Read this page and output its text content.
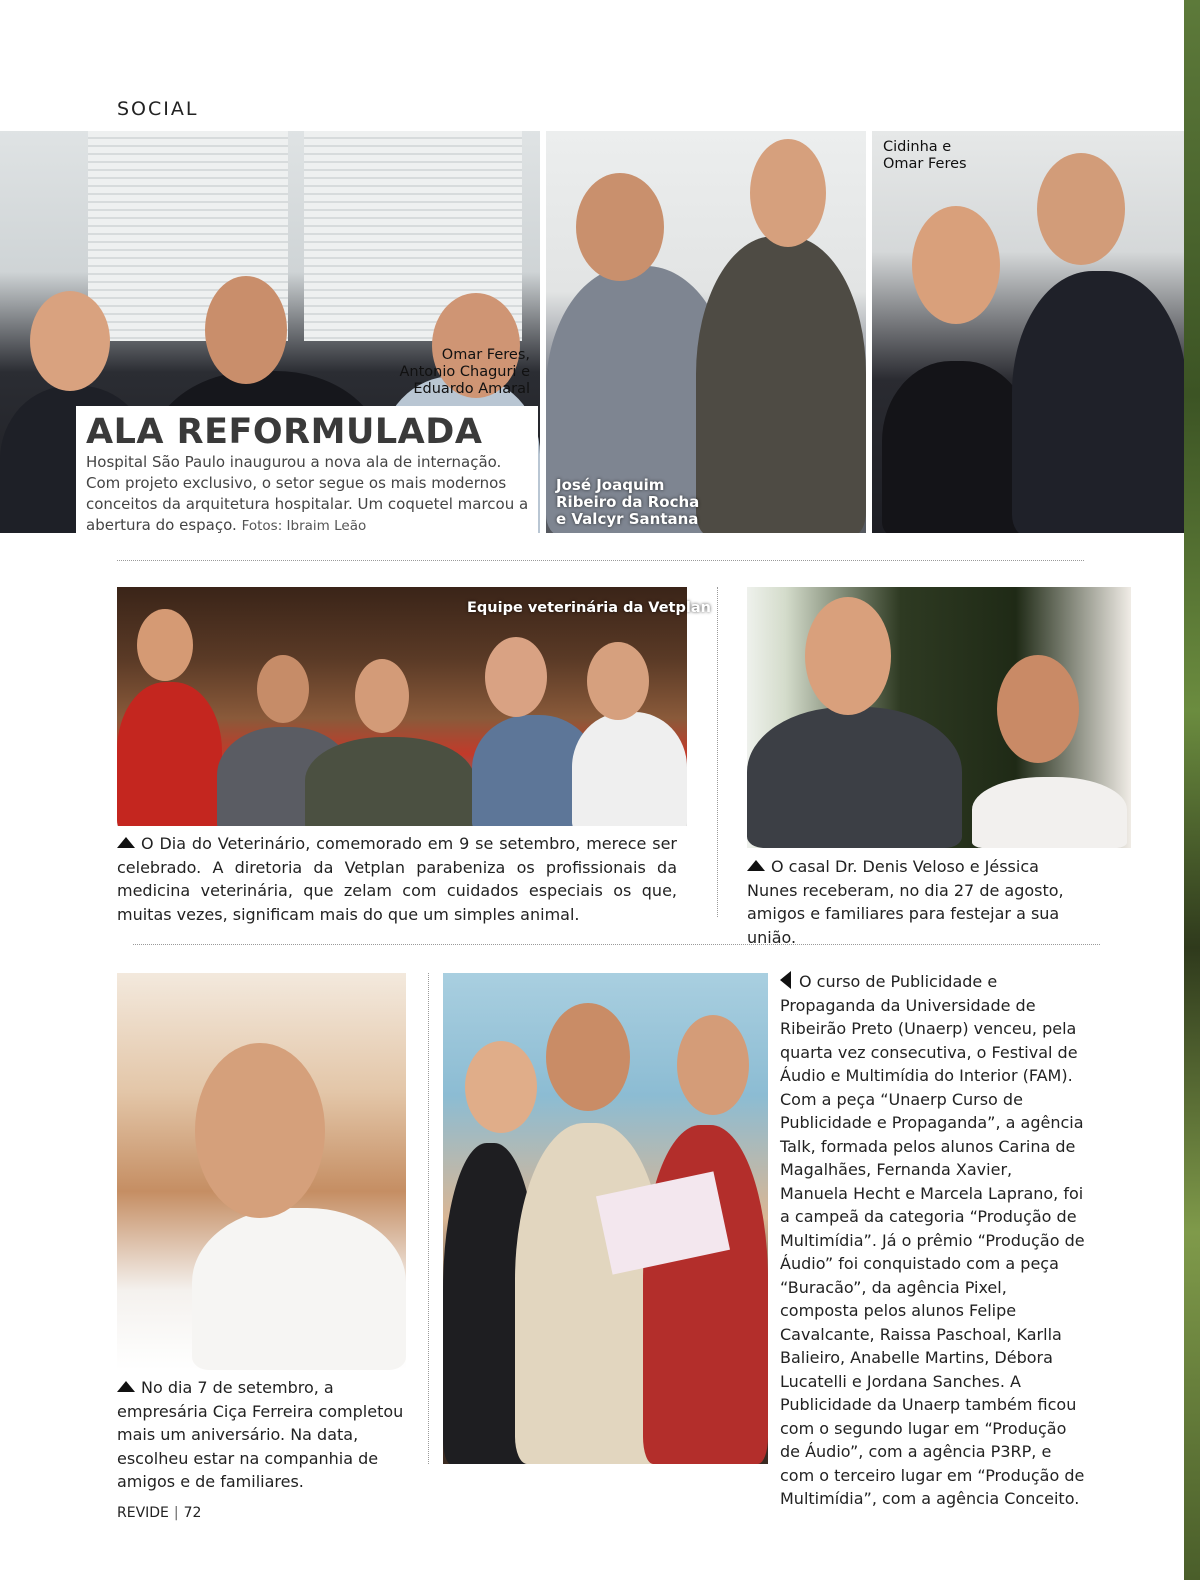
SOCIAL
Omar Feres,
Antonio Chaguri e
Eduardo Amaral
ALA REFORMULADA
Hospital São Paulo inaugurou a nova ala de internação. Com projeto exclusivo, o setor segue os mais modernos conceitos da arquitetura hospitalar. Um coquetel marcou a abertura do espaço. Fotos: Ibraim Leão
José Joaquim
Ribeiro da Rocha
e Valcyr Santana
Cidinha e
Omar Feres
Equipe veterinária da Vetplan
O Dia do Veterinário, comemorado em 9 se setembro, merece ser celebrado. A diretoria da Vetplan parabeniza os profissionais da medicina veterinária, que zelam com cuidados especiais os que, muitas vezes, significam mais do que um simples animal.
O casal Dr. Denis Veloso e Jéssica Nunes receberam, no dia 27 de agosto, amigos e familiares para festejar a sua união.
No dia 7 de setembro, a empresária Ciça Ferreira completou mais um aniversário. Na data, escolheu estar na companhia de amigos e de familiares.
O curso de Publicidade e Propaganda da Universidade de Ribeirão Preto (Unaerp) venceu, pela quarta vez consecutiva, o Festival de Áudio e Multimídia do Interior (FAM). Com a peça “Unaerp Curso de Publicidade e Propaganda”, a agência Talk, formada pelos alunos Carina de Magalhães, Fernanda Xavier, Manuela Hecht e Marcela Laprano, foi a campeã da categoria “Produção de Multimídia”. Já o prêmio “Produção de Áudio” foi conquistado com a peça “Buracão”, da agência Pixel, composta pelos alunos Felipe Cavalcante, Raissa Paschoal, Karlla Balieiro, Anabelle Martins, Débora Lucatelli e Jordana Sanches. A Publicidade da Unaerp também ficou com o segundo lugar em “Produção de Áudio”, com a agência P3RP, e com o terceiro lugar em “Produção de Multimídia”, com a agência Conceito.
REVIDE | 72
